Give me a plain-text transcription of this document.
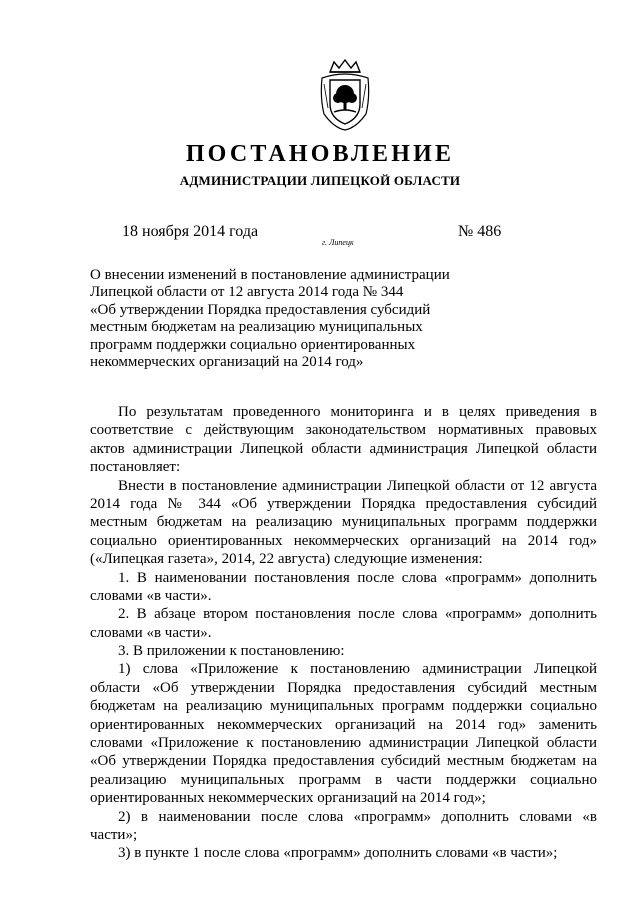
ПОСТАНОВЛЕНИЕ
АДМИНИСТРАЦИИ ЛИПЕЦКОЙ ОБЛАСТИ
18 ноября 2014 года
г. Липецк
№ 486
О внесении изменений в постановление администрации
Липецкой области от 12 августа 2014 года № 344
«Об утверждении Порядка предоставления субсидий
местным бюджетам на реализацию муниципальных
программ поддержки социально ориентированных
некоммерческих организаций на 2014 год»
По результатам проведенного мониторинга и в целях приведения в
соответствие с действующим законодательством нормативных правовых
актов администрации Липецкой области администрация Липецкой области
постановляет:
Внести в постановление администрации Липецкой области от 12 августа
2014 года № 344 «Об утверждении Порядка предоставления субсидий
местным бюджетам на реализацию муниципальных программ поддержки
социально ориентированных некоммерческих организаций на 2014 год»
(«Липецкая газета», 2014, 22 августа) следующие изменения:
1. В наименовании постановления после слова «программ» дополнить
словами «в части».
2. В абзаце втором постановления после слова «программ» дополнить
словами «в части».
3. В приложении к постановлению:
1) слова «Приложение к постановлению администрации Липецкой
области «Об утверждении Порядка предоставления субсидий местным
бюджетам на реализацию муниципальных программ поддержки социально
ориентированных некоммерческих организаций на 2014 год» заменить
словами «Приложение к постановлению администрации Липецкой области
«Об утверждении Порядка предоставления субсидий местным бюджетам на
реализацию муниципальных программ в части поддержки социально
ориентированных некоммерческих организаций на 2014 год»;
2) в наименовании после слова «программ» дополнить словами «в
части»;
3) в пункте 1 после слова «программ» дополнить словами «в части»;
